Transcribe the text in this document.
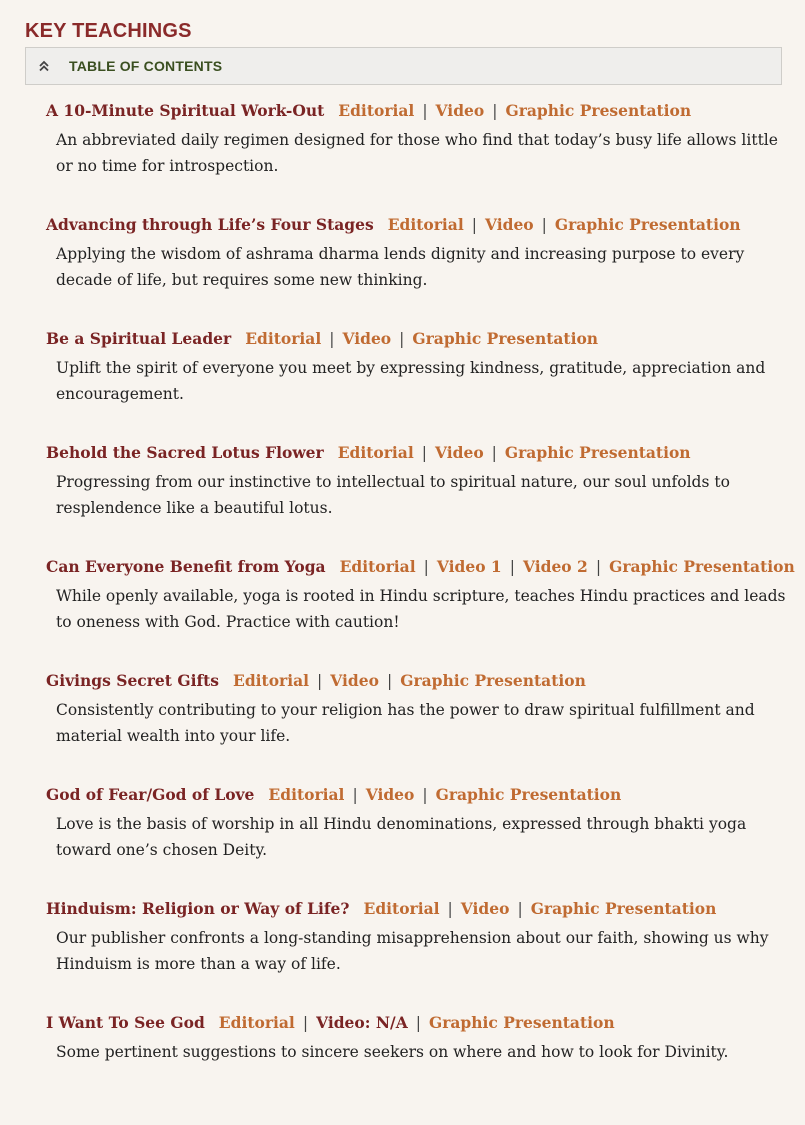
KEY TEACHINGS
TABLE OF CONTENTS
A 10-Minute Spiritual Work-Out Editorial | Video | Graphic Presentation
An abbreviated daily regimen designed for those who find that today’s busy life allows little or no time for introspection.
Advancing through Life’s Four Stages Editorial | Video | Graphic Presentation
Applying the wisdom of ashrama dharma lends dignity and increasing purpose to every decade of life, but requires some new thinking.
Be a Spiritual Leader Editorial | Video | Graphic Presentation
Uplift the spirit of everyone you meet by expressing kindness, gratitude, appreciation and encouragement.
Behold the Sacred Lotus Flower Editorial | Video | Graphic Presentation
Progressing from our instinctive to intellectual to spiritual nature, our soul unfolds to resplendence like a beautiful lotus.
Can Everyone Benefit from Yoga Editorial | Video 1 | Video 2 | Graphic Presentation
While openly available, yoga is rooted in Hindu scripture, teaches Hindu practices and leads to oneness with God. Practice with caution!
Givings Secret Gifts Editorial | Video | Graphic Presentation
Consistently contributing to your religion has the power to draw spiritual fulfillment and material wealth into your life.
God of Fear/God of Love Editorial | Video | Graphic Presentation
Love is the basis of worship in all Hindu denominations, expressed through bhakti yoga toward one’s chosen Deity.
Hinduism: Religion or Way of Life? Editorial | Video | Graphic Presentation
Our publisher confronts a long-standing misapprehension about our faith, showing us why Hinduism is more than a way of life.
I Want To See God Editorial | Video: N/A | Graphic Presentation
Some pertinent suggestions to sincere seekers on where and how to look for Divinity.
